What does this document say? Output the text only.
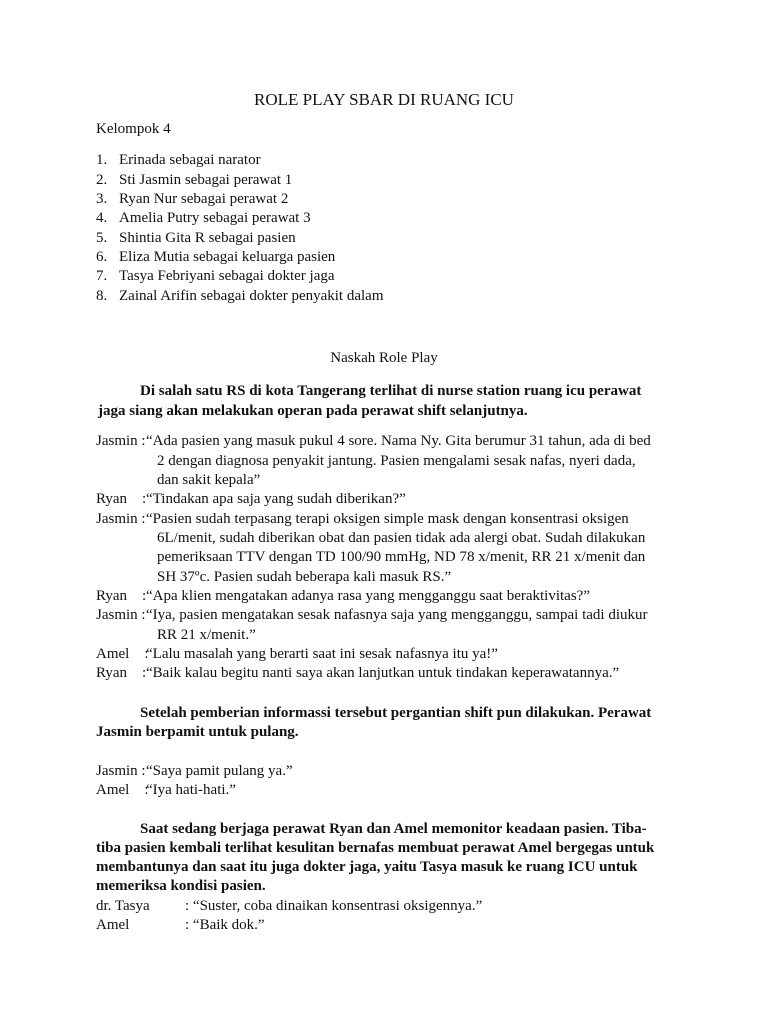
ROLE PLAY SBAR DI RUANG ICU
Kelompok 4
1. Erinada sebagai narator
2. Sti Jasmin sebagai perawat 1
3. Ryan Nur sebagai perawat 2
4. Amelia Putry sebagai perawat 3
5. Shintia Gita R sebagai pasien
6. Eliza Mutia sebagai keluarga pasien
7. Tasya Febriyani sebagai dokter jaga
8. Zainal Arifin sebagai dokter penyakit dalam
Naskah Role Play
Di salah satu RS di kota Tangerang terlihat di nurse station ruang icu perawat
jaga siang akan melakukan operan pada perawat shift selanjutnya.
Jasmin : “Ada pasien yang masuk pukul 4 sore. Nama Ny. Gita berumur 31 tahun, ada di bed
2 dengan diagnosa penyakit jantung. Pasien mengalami sesak nafas, nyeri dada,
dan sakit kepala”
Ryan    : “Tindakan apa saja yang sudah diberikan?”
Jasmin : “Pasien sudah terpasang terapi oksigen simple mask dengan konsentrasi oksigen
6L/menit, sudah diberikan obat dan pasien tidak ada alergi obat. Sudah dilakukan
pemeriksaan TTV dengan TD 100/90 mmHg, ND 78 x/menit, RR 21 x/menit dan
SH 37ºc. Pasien sudah beberapa kali masuk RS.”
Ryan    : “Apa klien mengatakan adanya rasa yang mengganggu saat beraktivitas?”
Jasmin : “Iya, pasien mengatakan sesak nafasnya saja yang mengganggu, sampai tadi diukur
RR 21 x/menit.”
Amel    :
“Lalu masalah yang berarti saat ini sesak nafasnya itu ya!”
Ryan    : “Baik kalau begitu nanti saya akan lanjutkan untuk tindakan keperawatannya.”
Setelah pemberian informassi tersebut pergantian shift pun dilakukan. Perawat
Jasmin berpamit untuk pulang.
Jasmin : “Saya pamit pulang ya.”
Amel    :
“Iya hati-hati.”
Saat sedang berjaga perawat Ryan dan Amel memonitor keadaan pasien. Tiba-
tiba pasien kembali terlihat kesulitan bernafas membuat perawat Amel bergegas untuk
membantunya dan saat itu juga dokter jaga, yaitu Tasya masuk ke ruang ICU untuk
memeriksa kondisi pasien.
dr. Tasya : “Suster, coba dinaikan konsentrasi oksigennya.”
Amel	: “Baik dok.”
